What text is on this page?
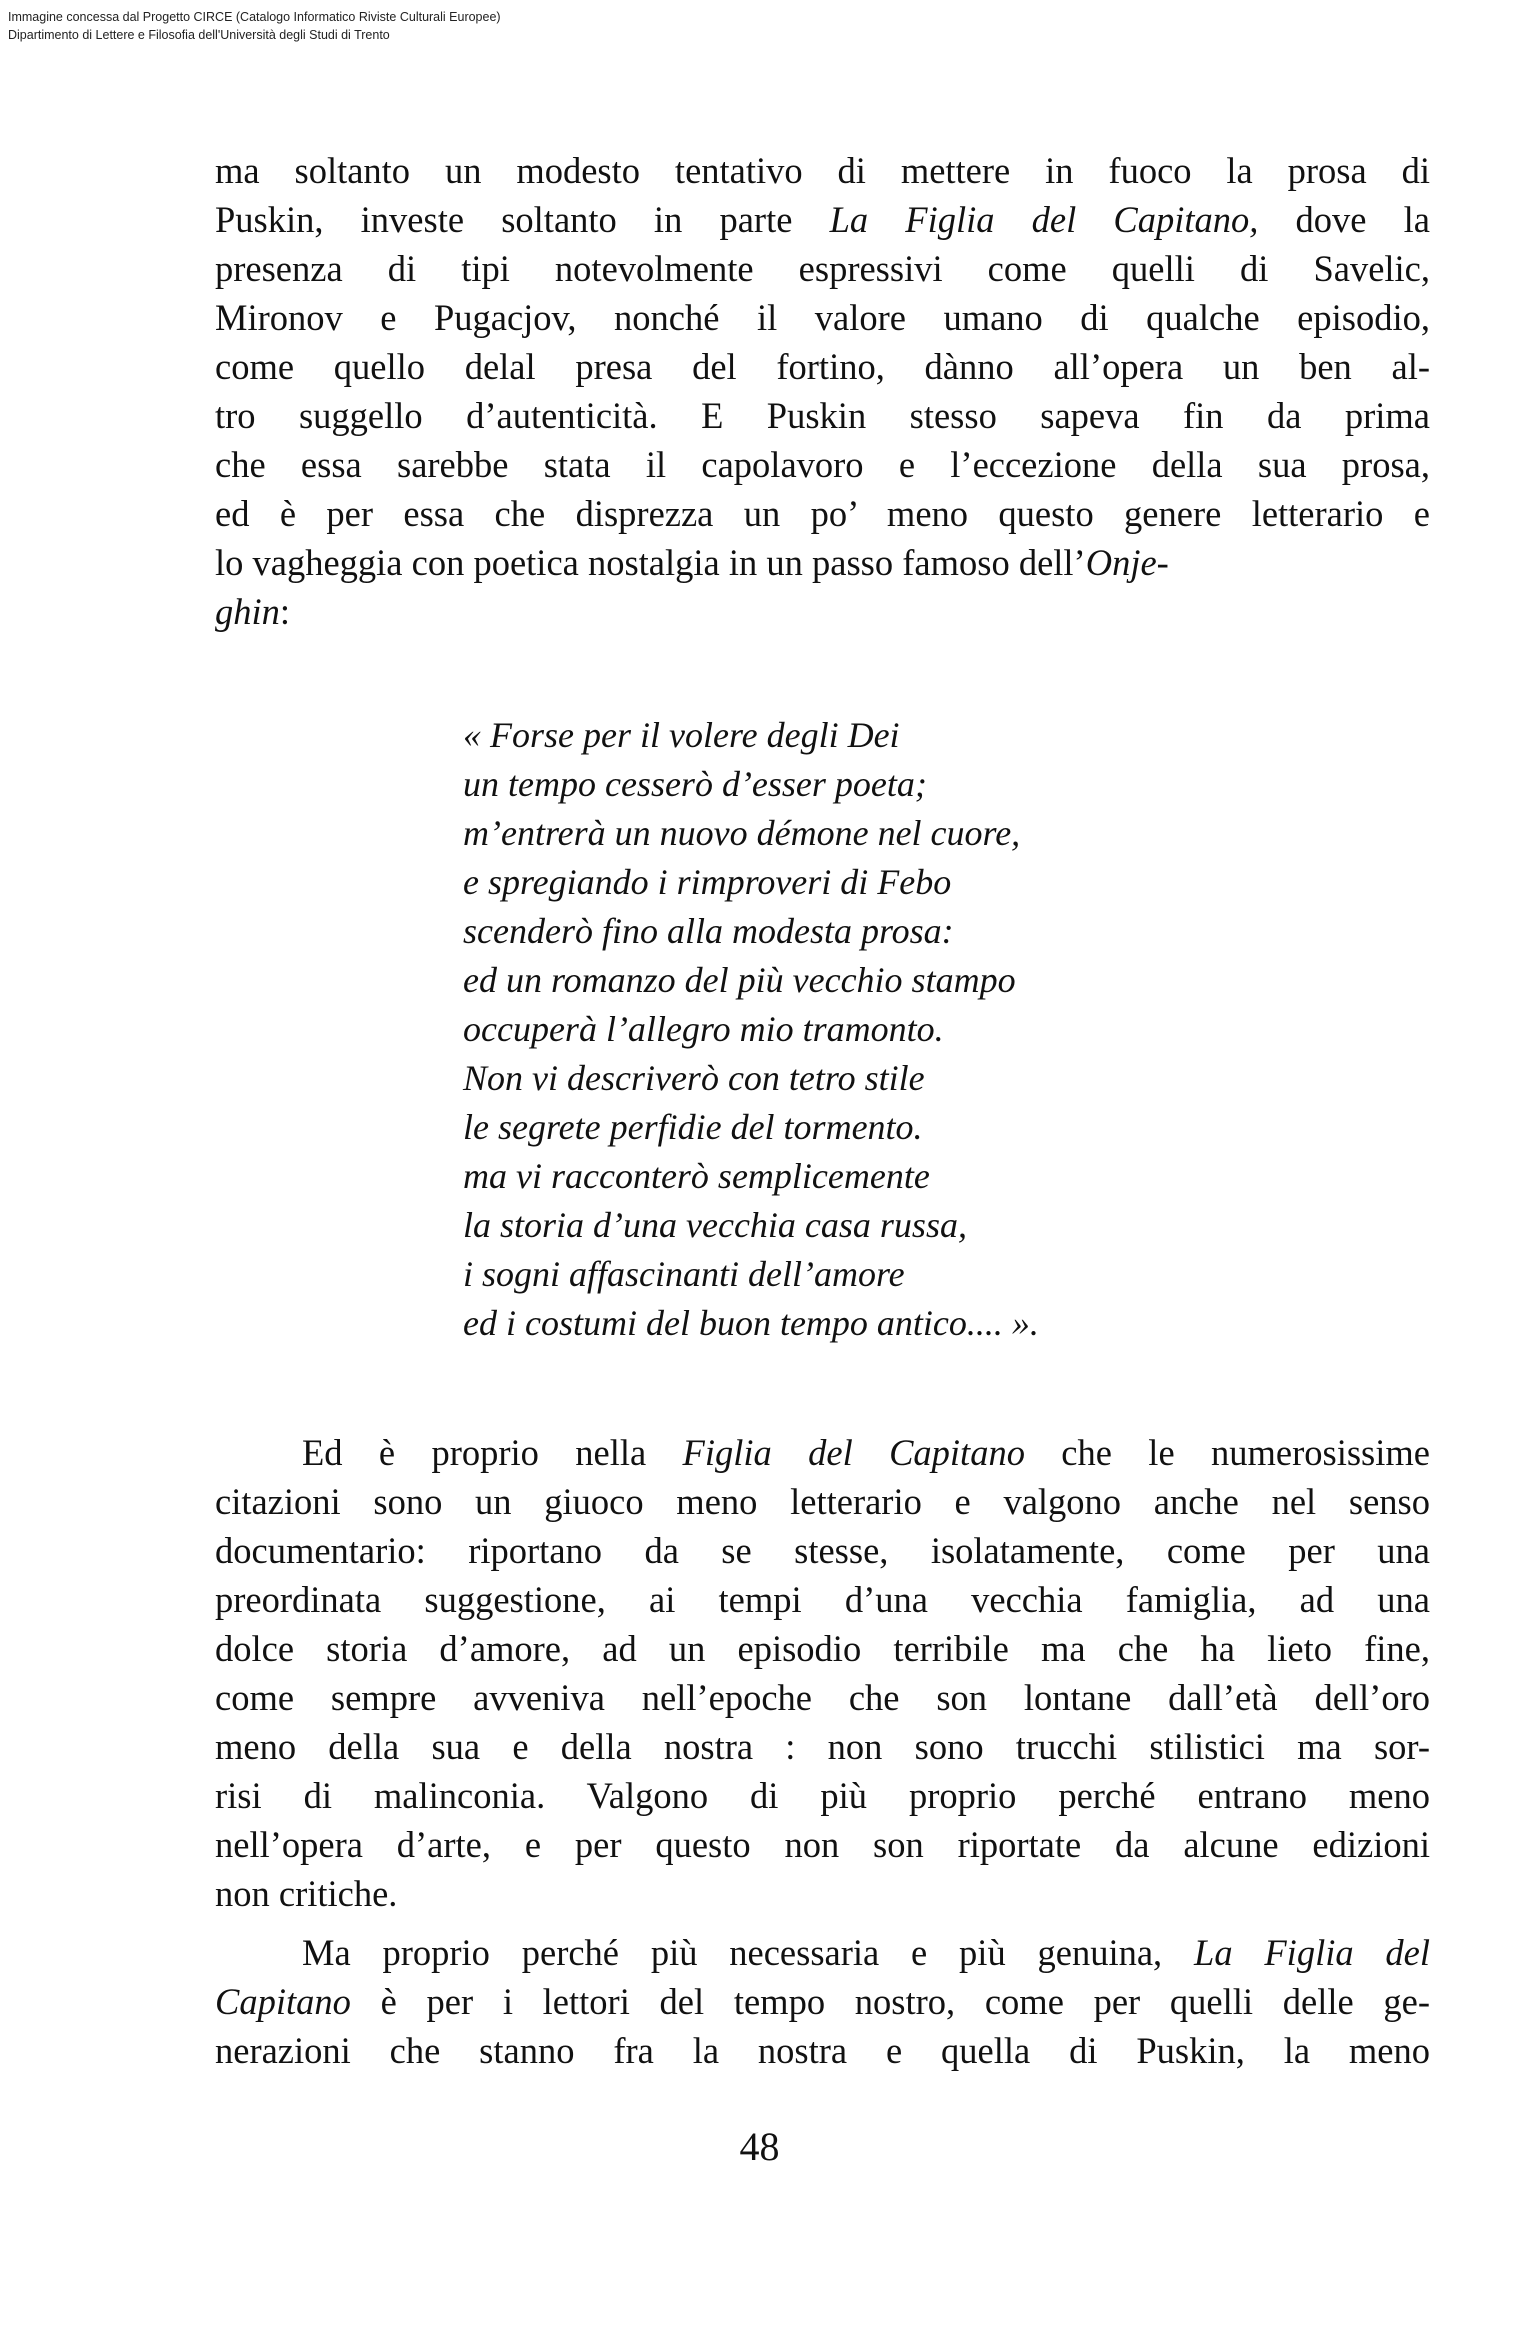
Immagine concessa dal Progetto CIRCE (Catalogo Informatico Riviste Culturali Europee)
Dipartimento di Lettere e Filosofia dell'Università degli Studi di Trento
ma soltanto un modesto tentativo di mettere in fuoco la prosa di
Puskin, investe soltanto in parte La Figlia del Capitano, dove la
presenza di tipi notevolmente espressivi come quelli di Savelic,
Mironov e Pugacjov, nonché il valore umano di qualche episodio,
come quello delal presa del fortino, dànno all’opera un ben al-
tro suggello d’autenticità. E Puskin stesso sapeva fin da prima
che essa sarebbe stata il capolavoro e l’eccezione della sua prosa,
ed è per essa che disprezza un po’ meno questo genere letterario e
lo vagheggia con poetica nostalgia in un passo famoso dell’Onje-
ghin:
« Forse per il volere degli Dei
un tempo cesserò d’esser poeta;
m’entrerà un nuovo démone nel cuore,
e spregiando i rimproveri di Febo
scenderò fino alla modesta prosa:
ed un romanzo del più vecchio stampo
occuperà l’allegro mio tramonto.
Non vi descriverò con tetro stile
le segrete perfidie del tormento.
ma vi racconterò semplicemente
la storia d’una vecchia casa russa,
i sogni affascinanti dell’amore
ed i costumi del buon tempo antico.... ».
Ed è proprio nella Figlia del Capitano che le numerosissime
citazioni sono un giuoco meno letterario e valgono anche nel senso
documentario: riportano da se stesse, isolatamente, come per una
preordinata suggestione, ai tempi d’una vecchia famiglia, ad una
dolce storia d’amore, ad un episodio terribile ma che ha lieto fine,
come sempre avveniva nell’epoche che son lontane dall’età dell’oro
meno della sua e della nostra : non sono trucchi stilistici ma sor-
risi di malinconia. Valgono di più proprio perché entrano meno
nell’opera d’arte, e per questo non son riportate da alcune edizioni
non critiche.
Ma proprio perché più necessaria e più genuina, La Figlia del
Capitano è per i lettori del tempo nostro, come per quelli delle ge-
nerazioni che stanno fra la nostra e quella di Puskin, la meno
48
